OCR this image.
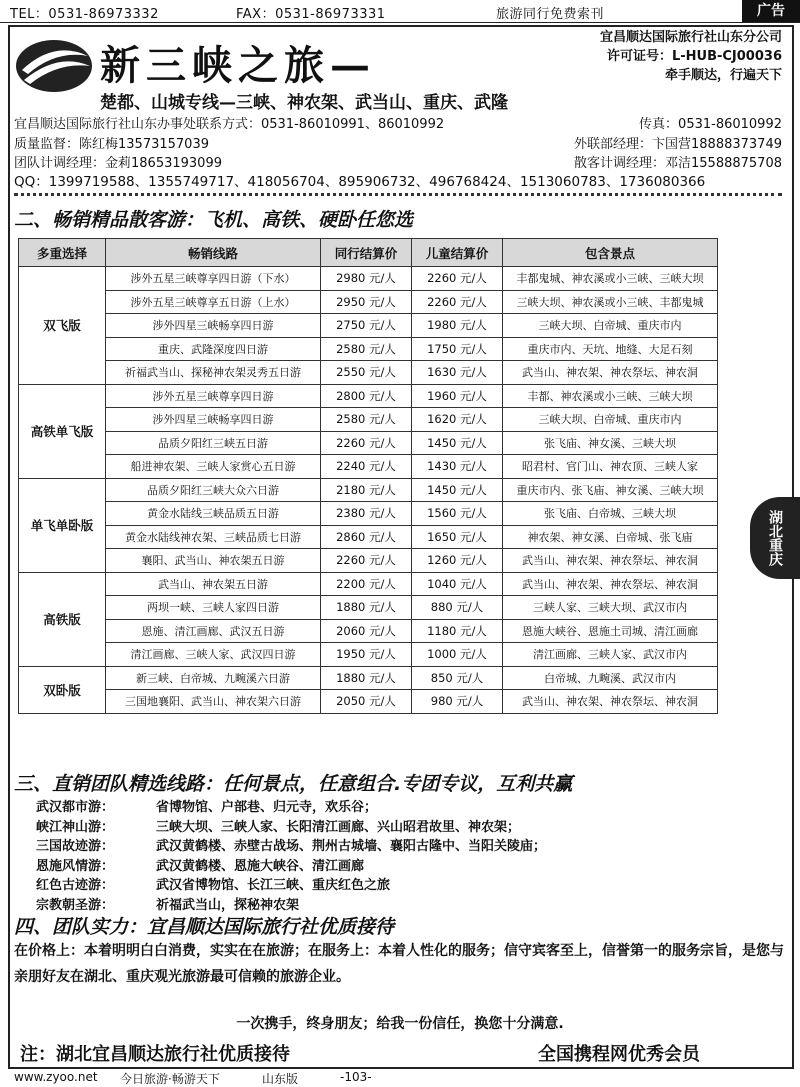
TEL：0531-86973332	FAX：0531-86973331	旅游同行免费索刊	广告
新三峡之旅—
宜昌顺达国际旅行社山东分公司
许可证号：L-HUB-CJ00036
牵手顺达，行遍天下
楚都、山城专线—三峡、神农架、武当山、重庆、武隆
宜昌顺达国际旅行社山东办事处联系方式：0531-86010991、86010992	传真：0531-86010992
质量监督：陈红梅13573157039	外联部经理：卞国营18888373749
团队计调经理：金莉18653193099	散客计调经理：邓洁15588875708
QQ：1399719588、1355749717、418056704、895906732、496768424、1513060783、1736080366
二、畅销精品散客游：飞机、高铁、硬卧任您选
多重选择	畅销线路	同行结算价	儿童结算价	包含景点
双飞版	涉外五星三峡尊享四日游（下水）	2980 元/人	2260 元/人	丰都鬼城、神农溪或小三峡、三峡大坝
	涉外五星三峡尊享五日游（上水）	2950 元/人	2260 元/人	三峡大坝、神农溪或小三峡、丰都鬼城
	涉外四星三峡畅享四日游	2750 元/人	1980 元/人	三峡大坝、白帝城、重庆市内
	重庆、武隆深度四日游	2580 元/人	1750 元/人	重庆市内、天坑、地缝、大足石刻
	祈福武当山、探秘神农架灵秀五日游	2550 元/人	1630 元/人	武当山、神农架、神农祭坛、神农洞
高铁单飞版	涉外五星三峡尊享四日游	2800 元/人	1960 元/人	丰都、神农溪或小三峡、三峡大坝
	涉外四星三峡畅享四日游	2580 元/人	1620 元/人	三峡大坝、白帝城、重庆市内
	品质夕阳红三峡五日游	2260 元/人	1450 元/人	张飞庙、神女溪、三峡大坝
	船进神农架、三峡人家赏心五日游	2240 元/人	1430 元/人	昭君村、官门山、神农顶、三峡人家
单飞单卧版	品质夕阳红三峡大众六日游	2180 元/人	1450 元/人	重庆市内、张飞庙、神女溪、三峡大坝
	黄金水陆线三峡品质五日游	2380 元/人	1560 元/人	张飞庙、白帝城、三峡大坝
	黄金水陆线神农架、三峡品质七日游	2860 元/人	1650 元/人	神农架、神女溪、白帝城、张飞庙
	襄阳、武当山、神农架五日游	2260 元/人	1260 元/人	武当山、神农架、神农祭坛、神农洞
高铁版	武当山、神农架五日游	2200 元/人	1040 元/人	武当山、神农架、神农祭坛、神农洞
	两坝一峡、三峡人家四日游	1880 元/人	880 元/人	三峡人家、三峡大坝、武汉市内
	恩施、清江画廊、武汉五日游	2060 元/人	1180 元/人	恩施大峡谷、恩施土司城、清江画廊
	清江画廊、三峡人家、武汉四日游	1950 元/人	1000 元/人	清江画廊、三峡人家、武汉市内
双卧版	新三峡、白帝城、九畹溪六日游	1880 元/人	850 元/人	白帝城、九畹溪、武汉市内
	三国地襄阳、武当山、神农架六日游	2050 元/人	980 元/人	武当山、神农架、神农祭坛、神农洞
湖北重庆
三、直销团队精选线路：任何景点，任意组合.专团专议，互利共赢
武汉都市游：	省博物馆、户部巷、归元寺，欢乐谷；
峡江神山游：	三峡大坝、三峡人家、长阳清江画廊、兴山昭君故里、神农架；
三国故迹游：	武汉黄鹤楼、赤壁古战场、荆州古城墙、襄阳古隆中、当阳关陵庙；
恩施风情游：	武汉黄鹤楼、恩施大峡谷、清江画廊
红色古迹游：	武汉省博物馆、长江三峡、重庆红色之旅
宗教朝圣游：	祈福武当山，探秘神农架
四、团队实力：宜昌顺达国际旅行社优质接待
在价格上：本着明明白白消费，实实在在旅游；在服务上：本着人性化的服务；信守宾客至上，信誉第一的服务宗旨，是您与亲朋好友在湖北、重庆观光旅游最可信赖的旅游企业。
一次携手，终身朋友；给我一份信任，换您十分满意.
注：湖北宜昌顺达旅行社优质接待	全国携程网优秀会员
www.zyoo.net 今日旅游·畅游天下	山东版	-103-
